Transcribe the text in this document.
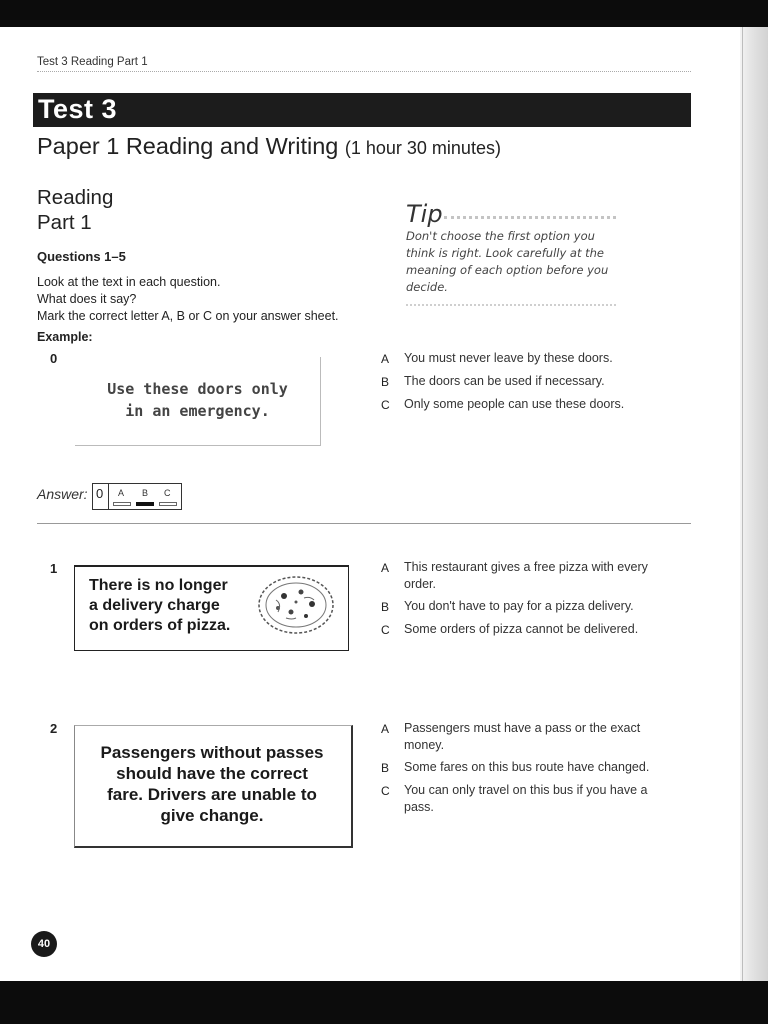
Test 3 Reading Part 1
Test 3
Paper 1 Reading and Writing (1 hour 30 minutes)
Reading
Part 1
Questions 1–5
Look at the text in each question.
What does it say?
Mark the correct letter A, B or C on your answer sheet.
Example:
Tip
Don't choose the first option you think is right. Look carefully at the meaning of each option before you decide.
0
Use these doors only
in an emergency.
A	You must never leave by these doors.
B	The doors can be used if necessary.
C	Only some people can use these doors.
Answer: 0 A B C
1
There is no longer
a delivery charge
on orders of pizza.
A	This restaurant gives a free pizza with every order.
B	You don't have to pay for a pizza delivery.
C	Some orders of pizza cannot be delivered.
2
Passengers without passes
should have the correct
fare. Drivers are unable to
give change.
A	Passengers must have a pass or the exact money.
B	Some fares on this bus route have changed.
C	You can only travel on this bus if you have a pass.
40
